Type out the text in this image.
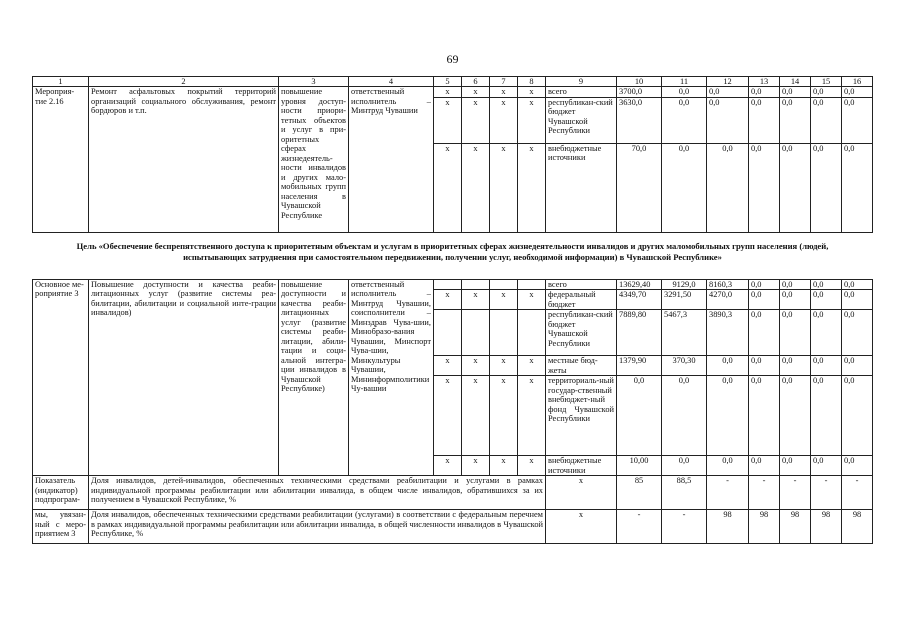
69
1	2	3	4	5	6	7	8	9	10	11	12	13	14	15	16
Мероприя-тие 2.16	Ремонт асфальтовых покрытий территорий организаций социального обслуживания, ремонт бордюров и т.п.	повышение уровня доступ-ности приори-тетных объектов и услуг в при-оритетных сферах жизнедеятель-ности инвалидов и других мало-мобильных групп населения в Чувашской Республике	ответственный исполнитель – Минтруд Чувашии	x	x	x	x	всего	3700,0	0,0	0,0	0,0	0,0	0,0	0,0
				x	x	x	x	республикан-ский бюджет Чувашской Республики	3630,0	0,0	0,0	0,0	0,0	0,0	0,0
				x	x	x	x	внебюджетные источники	70,0	0,0	0,0	0,0	0,0	0,0	0,0
Цель «Обеспечение беспрепятственного доступа к приоритетным объектам и услугам в приоритетных сферах жизнедеятельности инвалидов и других маломобильных групп населения (людей, испытывающих затруднения при самостоятельном передвижении, получении услуг, необходимой информации) в Чувашской Республике»
Основное ме-роприятие 3	Повышение доступности и качества реаби-литационных услуг (развитие системы реа-билитации, абилитации и социальной инте-грации инвалидов)	повышение доступности и качества реаби-литационных услуг (развитие системы реаби-литации, абили-тации и соци-альной интегра-ции инвалидов в Чувашской Республике)	ответственный исполнитель – Минтруд Чувашии, соисполнители – Минздрав Чува-шии, Минобразо-вания Чувашии, Минспорт Чува-шии, Минкультуры Чувашии, Мининформполитики Чу-вашии					всего	13629,40	9129,0	8160,3	0,0	0,0	0,0	0,0
				x	x	x	x	федеральный бюджет	4349,70	3291,50	4270,0	0,0	0,0	0,0	0,0
								республикан-ский бюджет Чувашской Республики	7889,80	5467,3	3890,3	0,0	0,0	0,0	0,0
				x	x	x	x	местные бюд-жеты	1379,90	370,30	0,0	0,0	0,0	0,0	0,0
				x	x	x	x	территориаль-ный государ-ственный внебюджет-ный фонд Чувашской Республики	0,0	0,0	0,0	0,0	0,0	0,0	0,0
				x	x	x	x	внебюджетные источники	10,00	0,0	0,0	0,0	0,0	0,0	0,0
Показатель (индикатор) подпрограм-	Доля инвалидов, детей-инвалидов, обеспеченных техническими средствами реабилитации и услугами в рамках индивидуальной программы реабилитации или абилитации инвалида, в общем числе инвалидов, обратившихся за их получением в Чувашской Республике, %							x	85	88,5	-	-	-	-	-
мы, увязан-ный с меро-приятием 3	Доля инвалидов, обеспеченных техническими средствами реабилитации (услугами) в соответствии с федеральным перечнем в рамках индивидуальной программы реабилитации или абилитации инвалида, в общей численности инвалидов в Чувашской Республике, %							x	-	-	98	98	98	98	98
